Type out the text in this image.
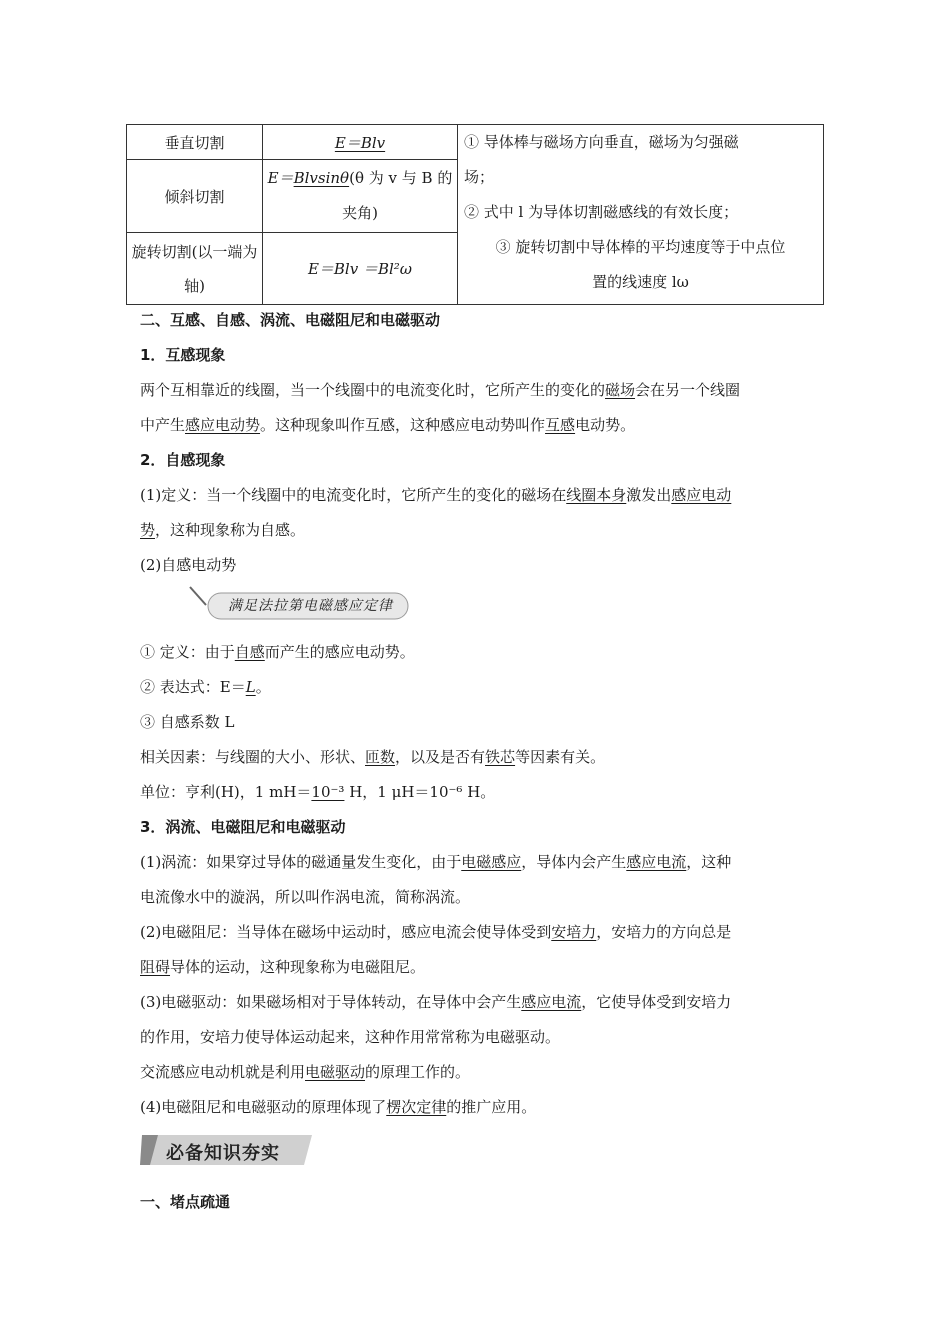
垂直切割	E＝Blv	① 导体棒与磁场方向垂直，磁场为匀强磁
场；
② 式中 l 为导体切割磁感线的有效长度；
③ 旋转切割中导体棒的平均速度等于中点位
置的线速度 lω

倾斜切割	E＝Blvsinθ(θ 为 v 与 B 的夹角)	
旋转切割(以一端为轴)	E＝Blv ＝Bl²ω	
二、互感、自感、涡流、电磁阻尼和电磁驱动
1．互感现象
两个互相靠近的线圈，当一个线圈中的电流变化时，它所产生的变化的磁场会在另一个线圈
中产生感应电动势。这种现象叫作互感，这种感应电动势叫作互感电动势。
2．自感现象
(1)定义：当一个线圈中的电流变化时，它所产生的变化的磁场在线圈本身激发出感应电动
势，这种现象称为自感。
(2)自感电动势
满足法拉第电磁感应定律
① 定义：由于自感而产生的感应电动势。
② 表达式：E＝L。
③ 自感系数 L
相关因素：与线圈的大小、形状、匝数，以及是否有铁芯等因素有关。
单位：亨利(H)，1 mH＝10⁻³ H，1 μH＝10⁻⁶ H。
3．涡流、电磁阻尼和电磁驱动
(1)涡流：如果穿过导体的磁通量发生变化，由于电磁感应，导体内会产生感应电流，这种
电流像水中的漩涡，所以叫作涡电流，简称涡流。
(2)电磁阻尼：当导体在磁场中运动时，感应电流会使导体受到安培力，安培力的方向总是
阻碍导体的运动，这种现象称为电磁阻尼。
(3)电磁驱动：如果磁场相对于导体转动，在导体中会产生感应电流，它使导体受到安培力
的作用，安培力使导体运动起来，这种作用常常称为电磁驱动。
交流感应电动机就是利用电磁驱动的原理工作的。
(4)电磁阻尼和电磁驱动的原理体现了楞次定律的推广应用。
必备知识夯实
一、堵点疏通
